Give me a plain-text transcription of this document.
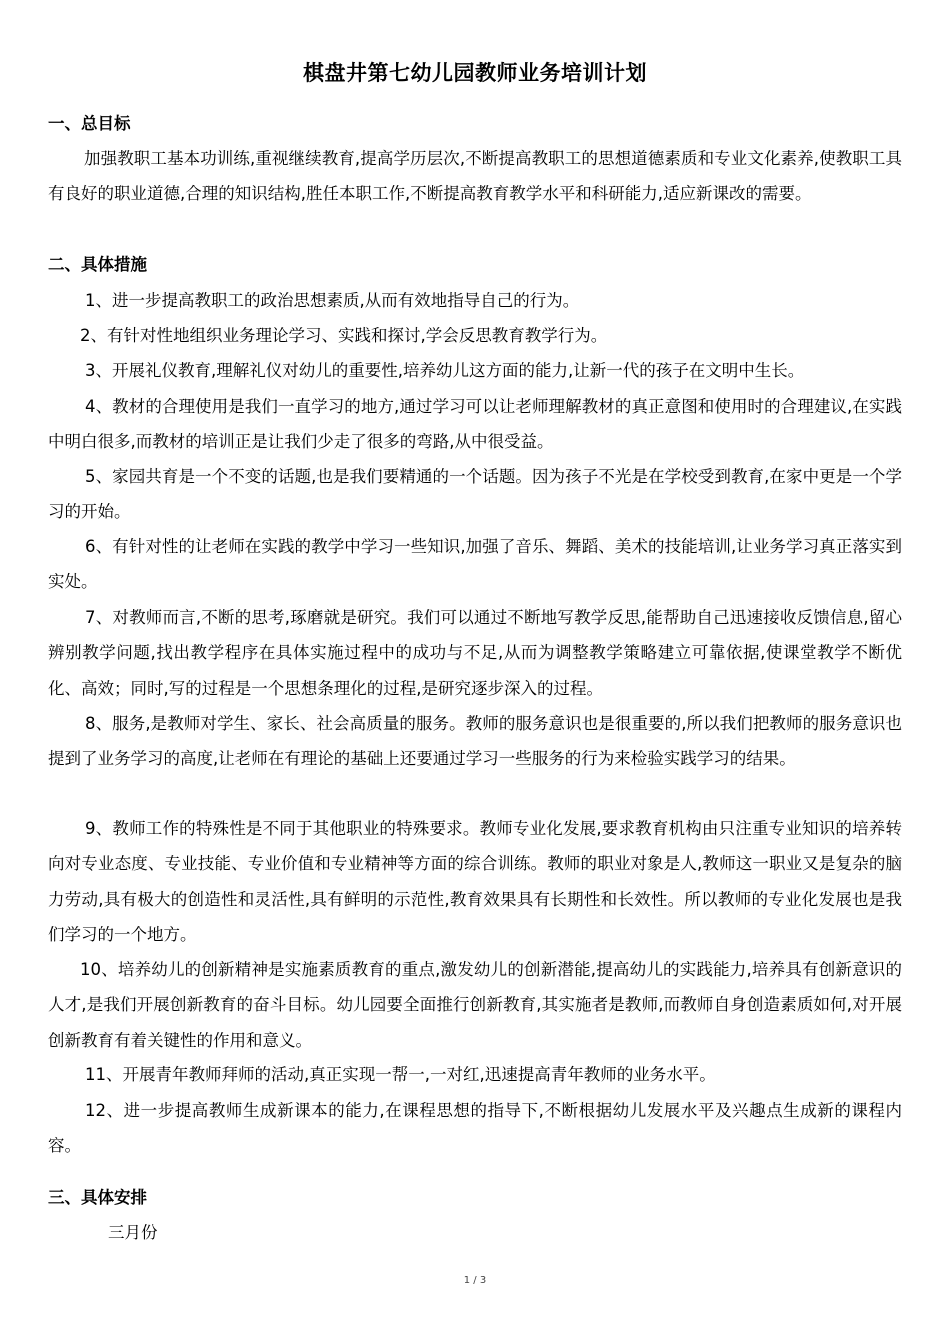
棋盘井第七幼儿园教师业务培训计划
一、总目标
加强教职工基本功训练,重视继续教育,提高学历层次,不断提高教职工的思想道德素质和专业文化素养,使教职工具有良好的职业道德,合理的知识结构,胜任本职工作,不断提高教育教学水平和科研能力,适应新课改的需要。
二、具体措施
1、进一步提高教职工的政治思想素质,从而有效地指导自己的行为。
2、有针对性地组织业务理论学习、实践和探讨,学会反思教育教学行为。
3、开展礼仪教育,理解礼仪对幼儿的重要性,培养幼儿这方面的能力,让新一代的孩子在文明中生长。
4、教材的合理使用是我们一直学习的地方,通过学习可以让老师理解教材的真正意图和使用时的合理建议,在实践中明白很多,而教材的培训正是让我们少走了很多的弯路,从中很受益。
5、家园共育是一个不变的话题,也是我们要精通的一个话题。因为孩子不光是在学校受到教育,在家中更是一个学习的开始。
6、有针对性的让老师在实践的教学中学习一些知识,加强了音乐、舞蹈、美术的技能培训,让业务学习真正落实到实处。
7、对教师而言,不断的思考,琢磨就是研究。我们可以通过不断地写教学反思,能帮助自己迅速接收反馈信息,留心辨别教学问题,找出教学程序在具体实施过程中的成功与不足,从而为调整教学策略建立可靠依据,使课堂教学不断优化、高效；同时,写的过程是一个思想条理化的过程,是研究逐步深入的过程。
8、服务,是教师对学生、家长、社会高质量的服务。教师的服务意识也是很重要的,所以我们把教师的服务意识也提到了业务学习的高度,让老师在有理论的基础上还要通过学习一些服务的行为来检验实践学习的结果。
9、教师工作的特殊性是不同于其他职业的特殊要求。教师专业化发展,要求教育机构由只注重专业知识的培养转向对专业态度、专业技能、专业价值和专业精神等方面的综合训练。教师的职业对象是人,教师这一职业又是复杂的脑力劳动,具有极大的创造性和灵活性,具有鲜明的示范性,教育效果具有长期性和长效性。所以教师的专业化发展也是我们学习的一个地方。
10、培养幼儿的创新精神是实施素质教育的重点,激发幼儿的创新潜能,提高幼儿的实践能力,培养具有创新意识的人才,是我们开展创新教育的奋斗目标。幼儿园要全面推行创新教育,其实施者是教师,而教师自身创造素质如何,对开展创新教育有着关键性的作用和意义。
11、开展青年教师拜师的活动,真正实现一帮一,一对红,迅速提高青年教师的业务水平。
12、进一步提高教师生成新课本的能力,在课程思想的指导下,不断根据幼儿发展水平及兴趣点生成新的课程内容。
三、具体安排
三月份
1 / 3
